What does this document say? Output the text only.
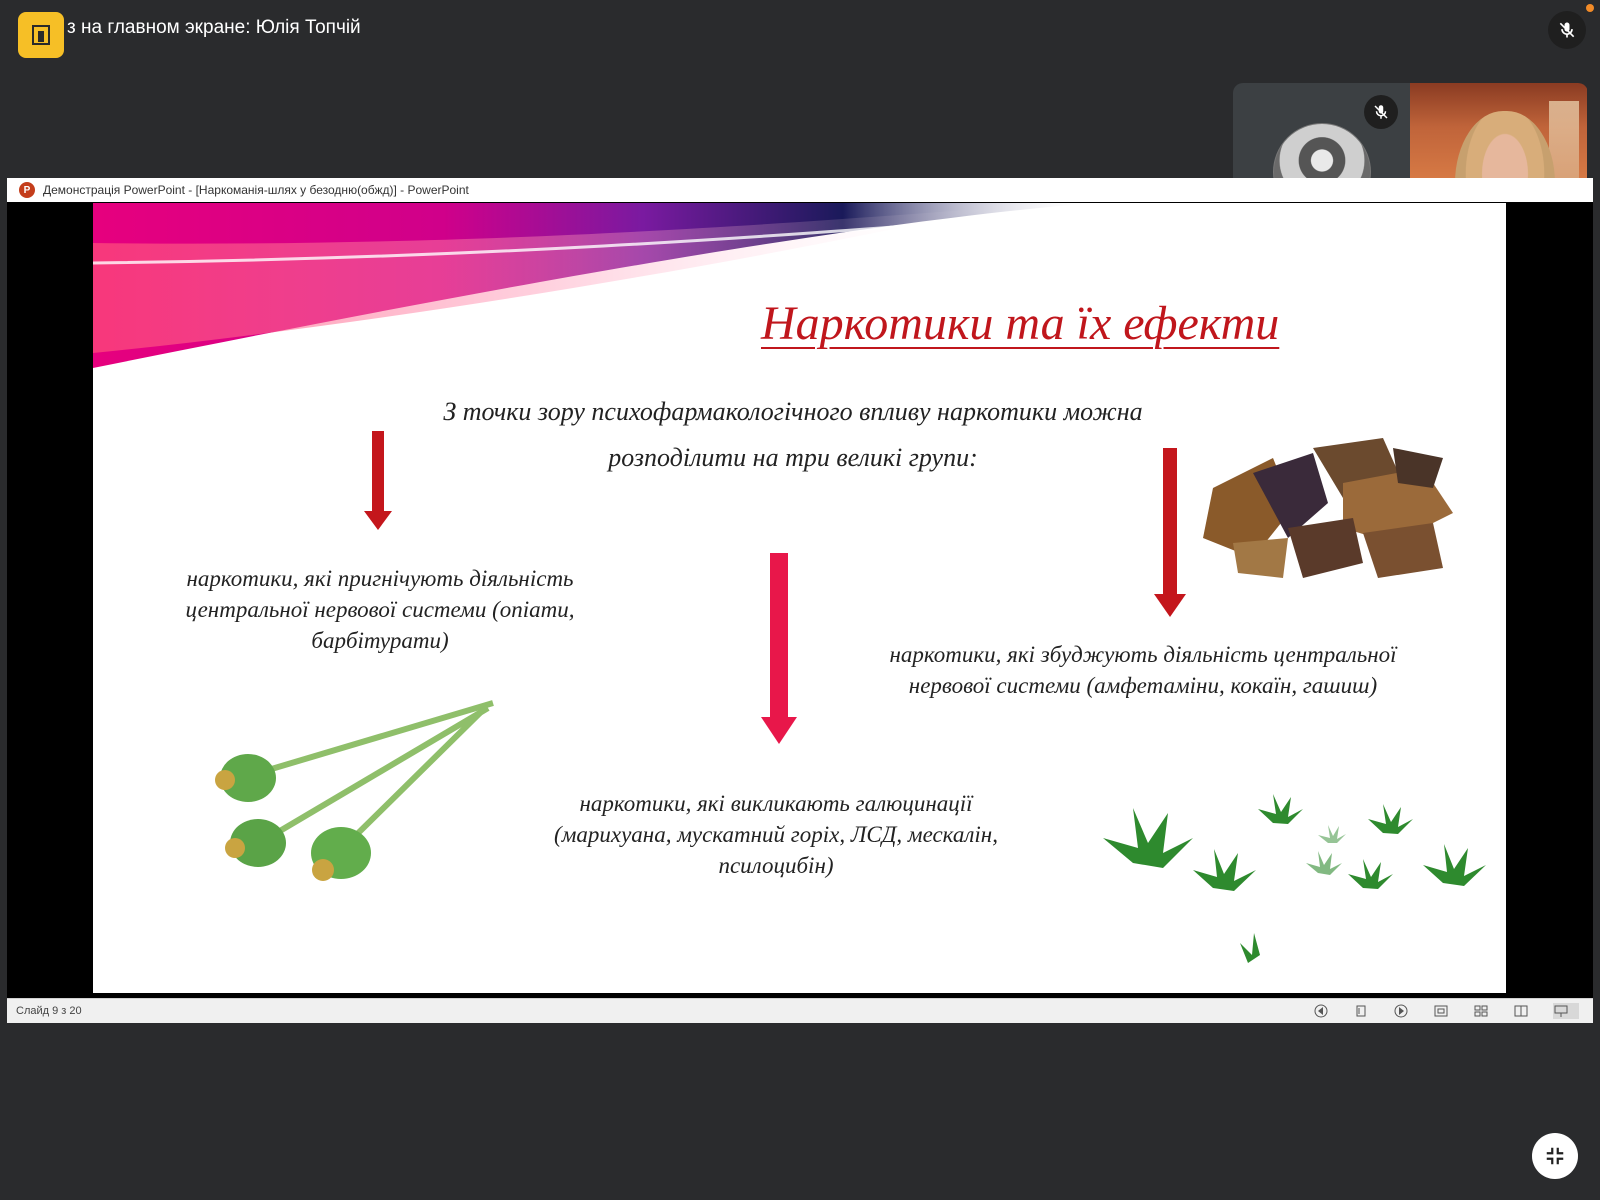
з на главном экране: Юлія Топчій
P	Демонстрація PowerPoint - [Наркоманія-шлях у безодню(обжд)] - PowerPoint
Наркотики та їх ефекти
З точки зору психофармакологічного впливу наркотики можна
розподілити на три великі групи:
наркотики, які пригнічують діяльність
центральної нервової системи (опіати,
барбітурати)
наркотики, які викликають галюцинації
(марихуана, мускатний горіх, ЛСД, мескалін,
псилоцибін)
наркотики, які збуджують діяльність центральної
нервової системи (амфетаміни, кокаїн, гашиш)
Слайд 9 з 20
